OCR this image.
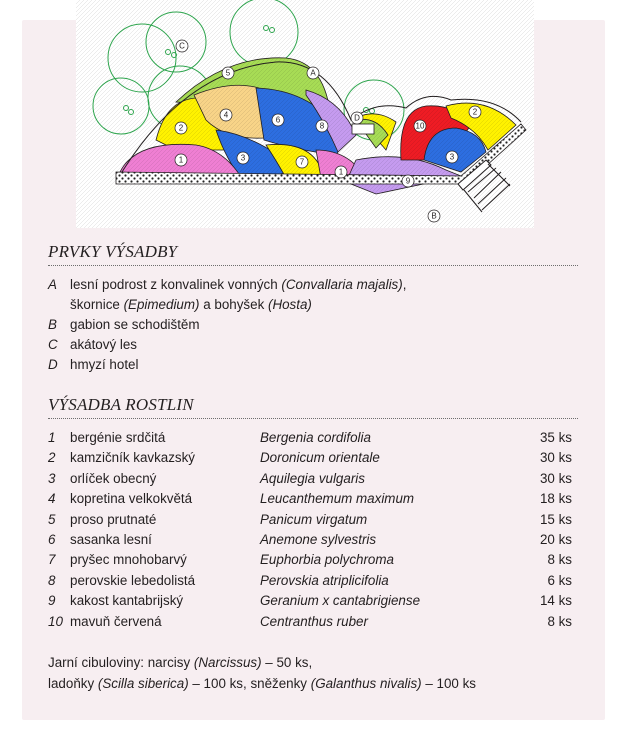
C
A
5
2
4
6
8
D
10
2
3
1	3	7
1
9
B
PRVKY VÝSADBY
A lesní podrost z konvalinek vonných (Convallaria majalis),
škornice (Epimedium) a bohyšek (Hosta)
B gabion se schodištěm
C akátový les
D hmyzí hotel
VÝSADBA ROSTLIN
1 bergénie srdčitá	Bergenia cordifolia	35 ks
2 kamzičník kavkazský	Doronicum orientale	30 ks
3 orlíček obecný	Aquilegia vulgaris	30 ks
4 kopretina velkokvětá	Leucanthemum maximum	18 ks
5 proso prutnaté	Panicum virgatum	15 ks
6 sasanka lesní	Anemone sylvestris	20 ks
7 pryšec mnohobarvý	Euphorbia polychroma	8 ks
8 perovskie lebedolistá	Perovskia atriplicifolia	6 ks
9 kakost kantabrijský	Geranium x cantabrigiense	14 ks
10 mavuň červená	Centranthus ruber	8 ks
Jarní cibuloviny: narcisy (Narcissus) – 50 ks,
ladoňky (Scilla siberica) – 100 ks, sněženky (Galanthus nivalis) – 100 ks
